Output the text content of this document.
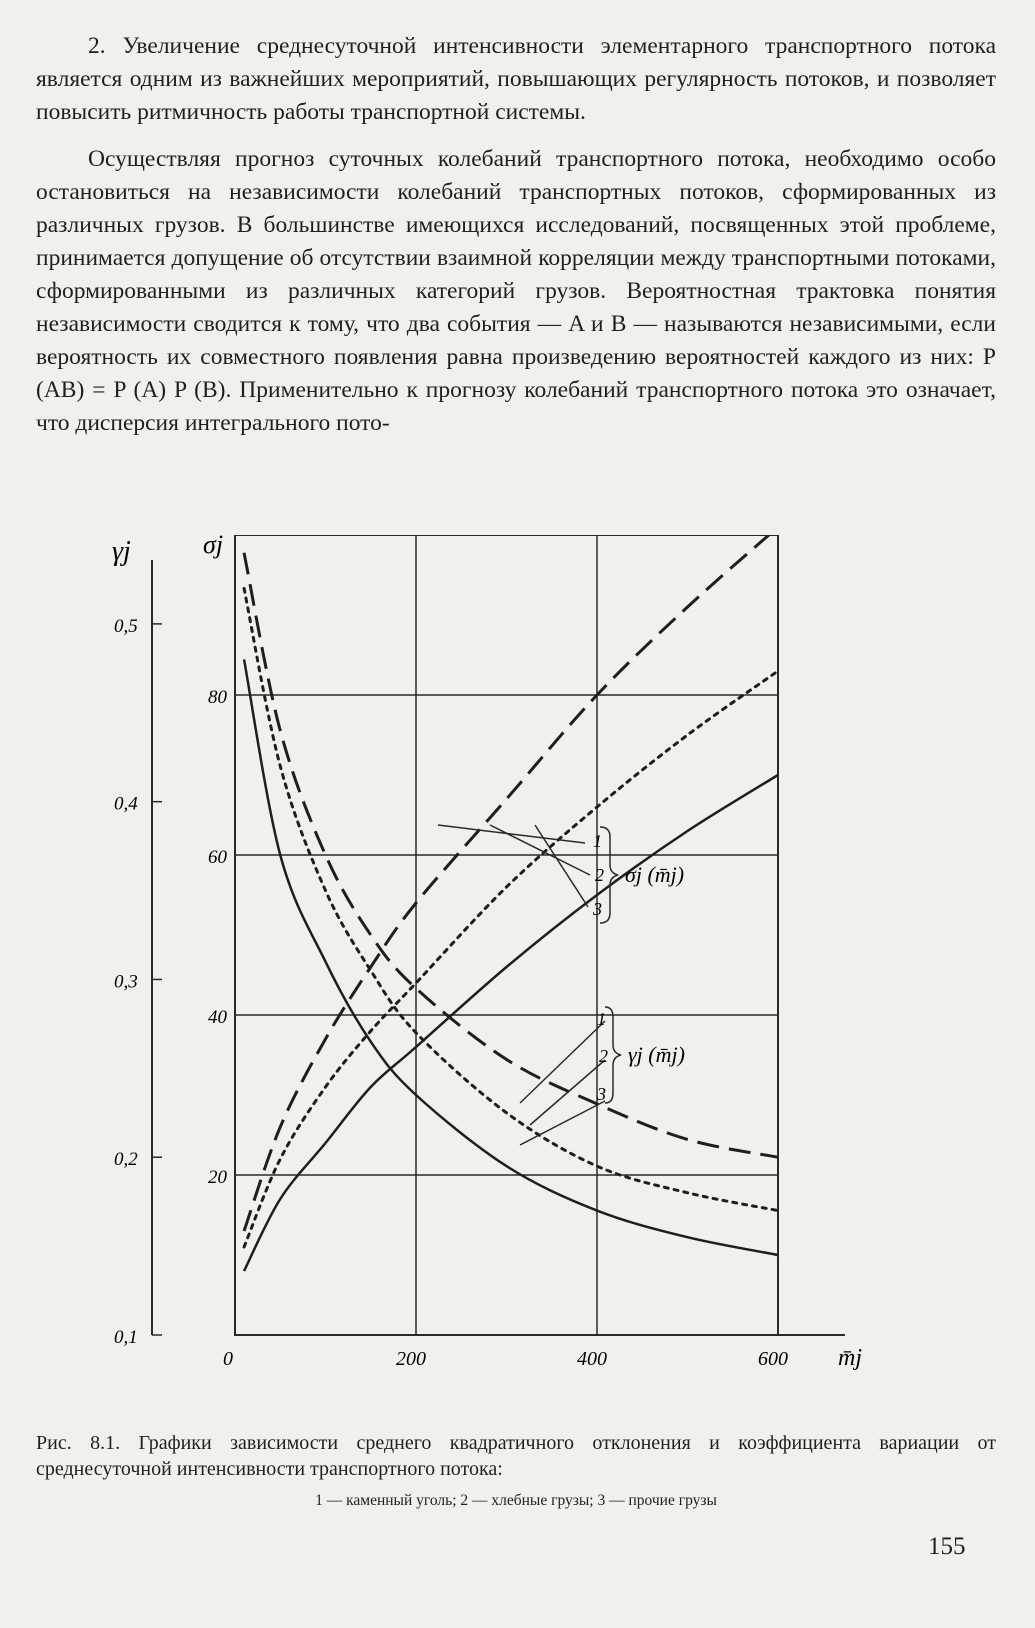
2. Увеличение среднесуточной интенсивности элементарного транспортного потока является одним из важнейших мероприятий, повышающих регулярность потоков, и позволяет повысить ритмичность работы транспортной системы.

Осуществляя прогноз суточных колебаний транспортного потока, необходимо особо остановиться на независимости колебаний транспортных потоков, сформированных из различных грузов. В большинстве имеющихся исследований, посвященных этой проблеме, принимается допущение об отсутствии взаимной корреляции между транспортными потоками, сформированными из различных категорий грузов. Вероятностная трактовка понятия независимости сводится к тому, что два события — A и B — называются независимыми, если вероятность их совместного появления равна произведению вероятностей каждого из них: P (AB) = P (A) P (B). Применительно к прогнозу колебаний транспортного потока это означает, что дисперсия интегрального пото-

0,5
0,4
0,3
0,2
0,1
γj	σj
80
60
40
20
0	200	400	600 m̄j
1
2
3
σj (m̄j)
1
2
3
γj (m̄j)
Рис. 8.1. Графики зависимости среднего квадратичного отклонения и коэффициента вариации от среднесуточной интенсивности транспортного потока:
1 — каменный уголь; 2 — хлебные грузы; 3 — прочие грузы
155
